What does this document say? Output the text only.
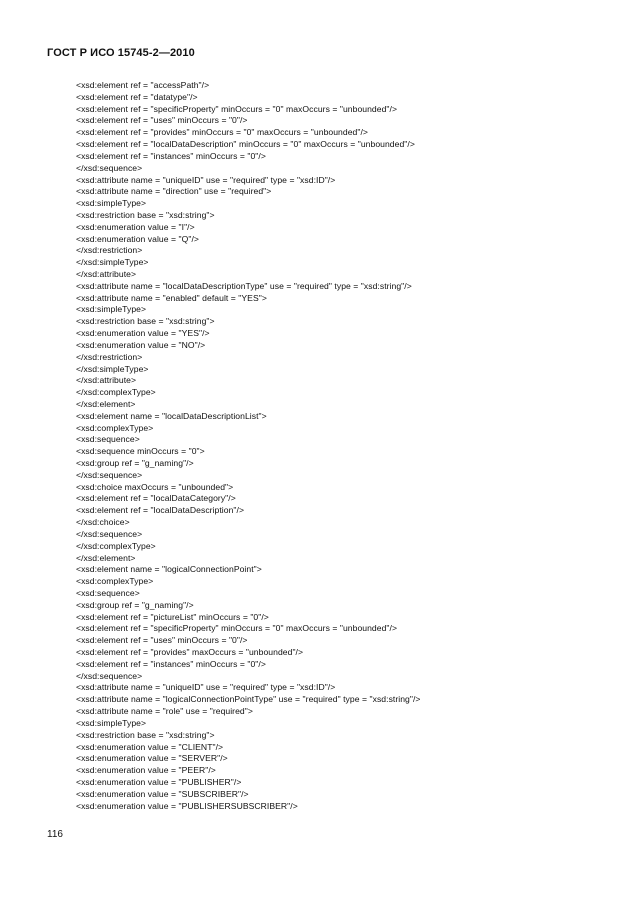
ГОСТ Р ИСО 15745-2—2010
<xsd:element ref = "accessPath"/>
<xsd:element ref = "datatype"/>
<xsd:element ref = "specificProperty" minOccurs = "0" maxOccurs = "unbounded"/>
<xsd:element ref = "uses" minOccurs = "0"/>
<xsd:element ref = "provides" minOccurs = "0" maxOccurs = "unbounded"/>
<xsd:element ref = "localDataDescription" minOccurs = "0" maxOccurs = "unbounded"/>
<xsd:element ref = "instances" minOccurs = "0"/>
</xsd:sequence>
<xsd:attribute name = "uniqueID" use = "required" type = "xsd:ID"/>
<xsd:attribute name = "direction" use = "required">
<xsd:simpleType>
<xsd:restriction base = "xsd:string">
<xsd:enumeration value = "I"/>
<xsd:enumeration value = "Q"/>
</xsd:restriction>
</xsd:simpleType>
</xsd:attribute>
<xsd:attribute name = "localDataDescriptionType" use = "required" type = "xsd:string"/>
<xsd:attribute name = "enabled" default = "YES">
<xsd:simpleType>
<xsd:restriction base = "xsd:string">
<xsd:enumeration value = "YES"/>
<xsd:enumeration value = "NO"/>
</xsd:restriction>
</xsd:simpleType>
</xsd:attribute>
</xsd:complexType>
</xsd:element>
<xsd:element name = "localDataDescriptionList">
<xsd:complexType>
<xsd:sequence>
<xsd:sequence minOccurs = "0">
<xsd:group ref = "g_naming"/>
</xsd:sequence>
<xsd:choice maxOccurs = "unbounded">
<xsd:element ref = "localDataCategory"/>
<xsd:element ref = "localDataDescription"/>
</xsd:choice>
</xsd:sequence>
</xsd:complexType>
</xsd:element>
<xsd:element name = "logicalConnectionPoint">
<xsd:complexType>
<xsd:sequence>
<xsd:group ref = "g_naming"/>
<xsd:element ref = "pictureList" minOccurs = "0"/>
<xsd:element ref = "specificProperty" minOccurs = "0" maxOccurs = "unbounded"/>
<xsd:element ref = "uses" minOccurs = "0"/>
<xsd:element ref = "provides" maxOccurs = "unbounded"/>
<xsd:element ref = "instances" minOccurs = "0"/>
</xsd:sequence>
<xsd:attribute name = "uniqueID" use = "required" type = "xsd:ID"/>
<xsd:attribute name = "logicalConnectionPointType" use = "required" type = "xsd:string"/>
<xsd:attribute name = "role" use = "required">
<xsd:simpleType>
<xsd:restriction base = "xsd:string">
<xsd:enumeration value = "CLIENT"/>
<xsd:enumeration value = "SERVER"/>
<xsd:enumeration value = "PEER"/>
<xsd:enumeration value = "PUBLISHER"/>
<xsd:enumeration value = "SUBSCRIBER"/>
<xsd:enumeration value = "PUBLISHERSUBSCRIBER"/>
116
